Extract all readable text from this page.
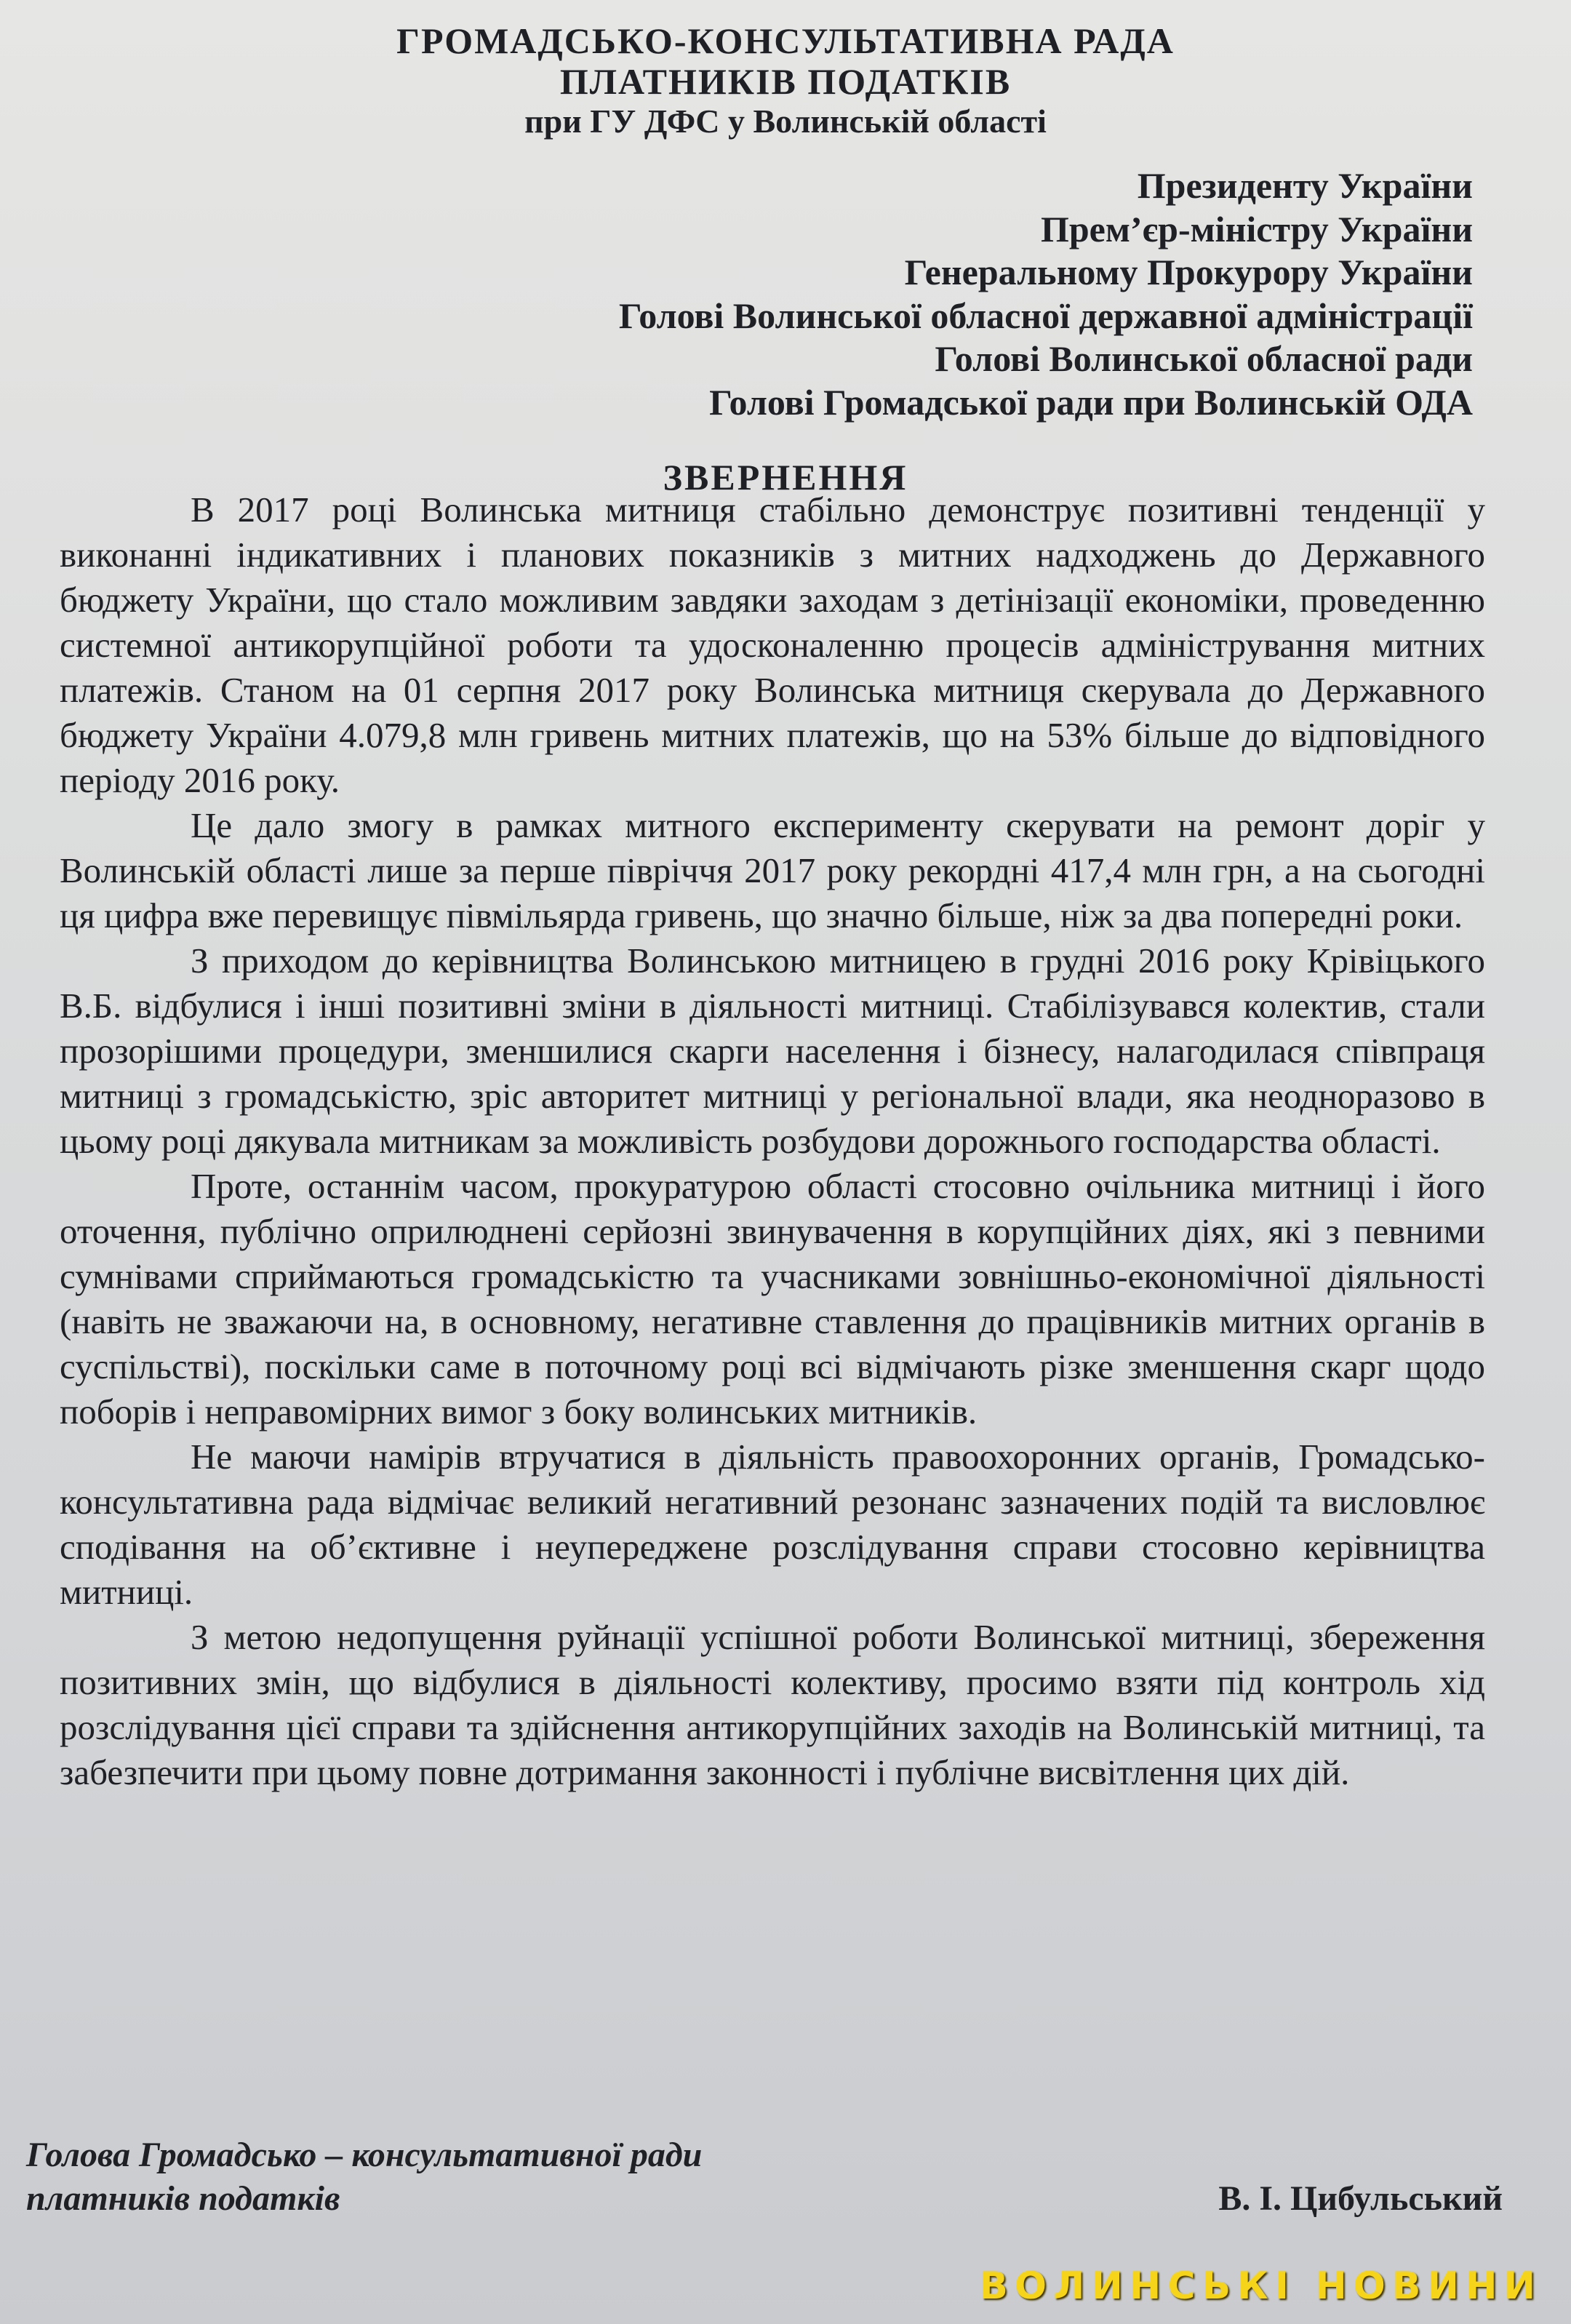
ГРОМАДСЬКО-КОНСУЛЬТАТИВНА РАДА
ПЛАТНИКІВ ПОДАТКІВ
при ГУ ДФС у Волинській області
Президенту України
Прем’єр-міністру України
Генеральному Прокурору України
Голові Волинської обласної державної адміністрації
Голові Волинської обласної ради
Голові Громадської ради при Волинській ОДА
ЗВЕРНЕННЯ

В 2017 році Волинська митниця стабільно демонструє позитивні тенденції у виконанні індикативних і планових показників з митних надходжень до Державного бюджету України, що стало можливим завдяки заходам з детінізації економіки, проведенню системної антикорупційної роботи та удосконаленню процесів адміністрування митних платежів. Станом на 01 серпня 2017 року Волинська митниця скерувала до Державного бюджету України 4.079,8 млн гривень митних платежів, що на 53% більше до відповідного періоду 2016 року.

Це дало змогу в рамках митного експерименту скерувати на ремонт доріг у Волинській області лише за перше півріччя 2017 року рекордні 417,4 млн грн, а на сьогодні ця цифра вже перевищує півмільярда гривень, що значно більше, ніж за два попередні роки.

З приходом до керівництва Волинською митницею в грудні 2016 року Крівіцького В.Б. відбулися і інші позитивні зміни в діяльності митниці. Стабілізувався колектив, стали прозорішими процедури, зменшилися скарги населення і бізнесу, налагодилася співпраця митниці з громадськістю, зріс авторитет митниці у регіональної влади, яка неодноразово в цьому році дякувала митникам за можливість розбудови дорожнього господарства області.

Проте, останнім часом, прокуратурою області стосовно очільника митниці і його оточення, публічно оприлюднені серйозні звинувачення в корупційних діях, які з певними сумнівами сприймаються громадськістю та учасниками зовнішньо-економічної діяльності (навіть не зважаючи на, в основному, негативне ставлення до працівників митних органів в суспільстві), поскільки саме в поточному році всі відмічають різке зменшення скарг щодо поборів і неправомірних вимог з боку волинських митників.

Не маючи намірів втручатися в діяльність правоохоронних органів, Громадсько-консультативна рада відмічає великий негативний резонанс зазначених подій та висловлює сподівання на об’єктивне і неупереджене розслідування справи стосовно керівництва митниці.

З метою недопущення руйнації успішної роботи Волинської митниці, збереження позитивних змін, що відбулися в діяльності колективу, просимо взяти під контроль хід розслідування цієї справи та здійснення антикорупційних заходів на Волинській митниці, та забезпечити при цьому повне дотримання законності і публічне висвітлення цих дій.

Голова Громадсько – консультативної ради
платників податків	В. І. Цибульський
ВОЛИНСЬКІ НОВИНИ
